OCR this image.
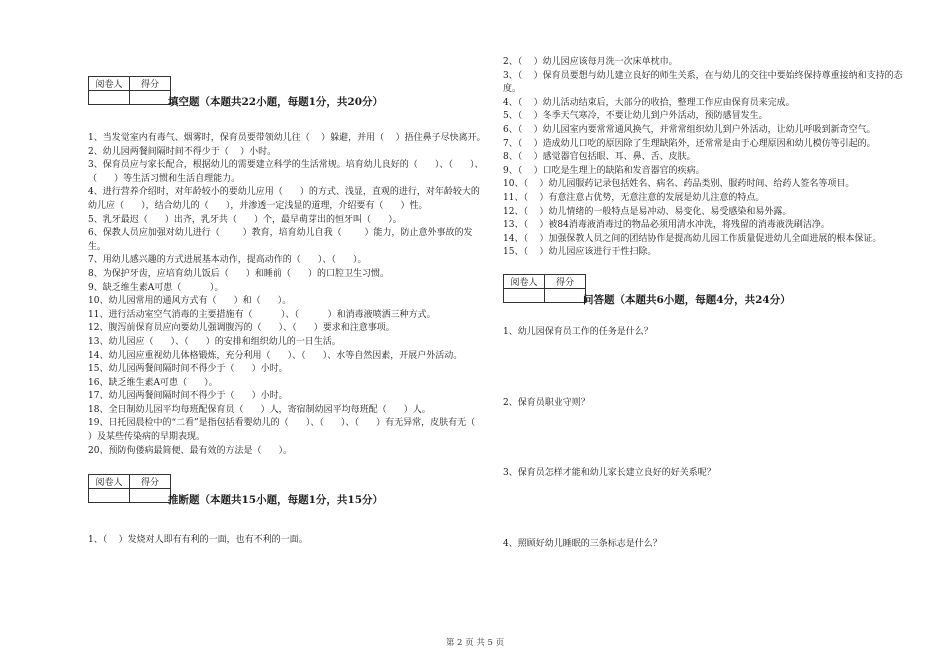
阅卷人	得分

填空题（本题共22小题，每题1分，共20分）

1、当发觉室内有毒气、烟雾时，保育员要带领幼儿往（    ）躲避，并用（    ）捂住鼻子尽快离开。

2、幼儿园两餐间隔时间不得少于（    ）小时。

3、保育员应与家长配合，根据幼儿的需要建立科学的生活常规。培育幼儿良好的（      ）、（      ）、（      ）等生活习惯和生活自理能力。

4、进行营养介绍时，对年龄较小的要幼儿应用（      ）的方式、浅显，直观的进行，对年龄较大的幼儿应（      ），结合幼儿的（      ），并渗透一定浅显的道理，介绍要有（      ）性。

5、乳牙最迟（      ）出齐，乳牙共（      ）个，最早萌芽出的恒牙叫（      ）。

6、保教人员应加强对幼儿进行（        ）教育，培育幼儿自我（        ）能力，防止意外事故的发生。

7、用幼儿感兴趣的方式进展基本动作，提高动作的（      ）、（      ）。

8、为保护牙齿，应培育幼儿饭后（      ）和睡前（      ）的口腔卫生习惯。

9、缺乏维生素A可患（          ）。

10、幼儿园常用的通风方式有（      ）和（      ）。

11、进行活动室空气消毒的主要措施有（          ）、（          ）和消毒液喷洒三种方式。

12、腹泻前保育员应向要幼儿强调腹泻的（      ）、（      ）要求和注意事项。

13、幼儿园应（      ）、（      ）的安排和组织幼儿的一日生活。

14、幼儿园应重视幼儿体格锻炼，充分利用（      ）、（      ）、水等自然因素，开展户外活动。

15、幼儿园两餐间隔时间不得少于（      ）小时。

16、缺乏维生素A可患（      ）。

17、幼儿园两餐间隔时间不得少于（      ）小时。

18、全日制幼儿园平均每班配保育员（      ）人，寄宿制幼园平均每班配（      ）人。

19、日托园晨检中的“二看”是指包括看婴幼儿的（      ）、（      ）、（      ）有无异常，皮肤有无（      ）及某些传染病的早期表现。

20、预防佝偻病最简便、最有效的方法是（      ）。

阅卷人	得分

推断题（本题共15小题，每题1分，共15分）

1、（    ）发烧对人即有有利的一面，也有不利的一面。

2、（    ）幼儿园应该每月洗一次床单枕巾。

3、（    ）保育员要想与幼儿建立良好的师生关系，在与幼儿的交往中要始终保持尊重接纳和支持的态度。

4、（    ）幼儿活动结束后，大部分的收拾，整理工作应由保育员来完成。

5、（    ）冬季天气寒冷，不要让幼儿到户外活动，预防感冒发生。

6、（    ）幼儿园室内要常常通风换气，并常常组织幼儿到户外活动，让幼儿呼吸到新奇空气。

7、（    ）造成幼儿口吃的原因除了生理缺陷外，还常常是由于心理原因和幼儿模仿等引起的。

8、（    ）感觉器官包括眼、耳、鼻、舌、皮肤。

9、（    ）口吃是生理上的缺陷和发音器官的疾病。

10、（    ）幼儿园服药记录包括姓名、病名、药品类别、服药时间、给药人签名等项目。

11、（    ）有意注意占优势，无意注意的发展是幼儿注意的特点。

12、（    ）幼儿情绪的一般特点是易冲动、易变化、易受感染和易外露。

13、（    ）被84消毒液消毒过的物品必须用清水冲洗，将残留的消毒液洗刷洁净。

14、（    ）加强保教人员之间的团结协作是提高幼儿园工作质量促进幼儿全面进展的根本保证。

15、（    ）幼儿园应该进行干性扫除。

阅卷人	得分

问答题（本题共6小题，每题4分，共24分）

1、幼儿园保育员工作的任务是什么？

2、保育员职业守则？

3、保育员怎样才能和幼儿家长建立良好的好关系呢？

4、照顾好幼儿睡眠的三条标志是什么？

第 2 页 共 5 页
